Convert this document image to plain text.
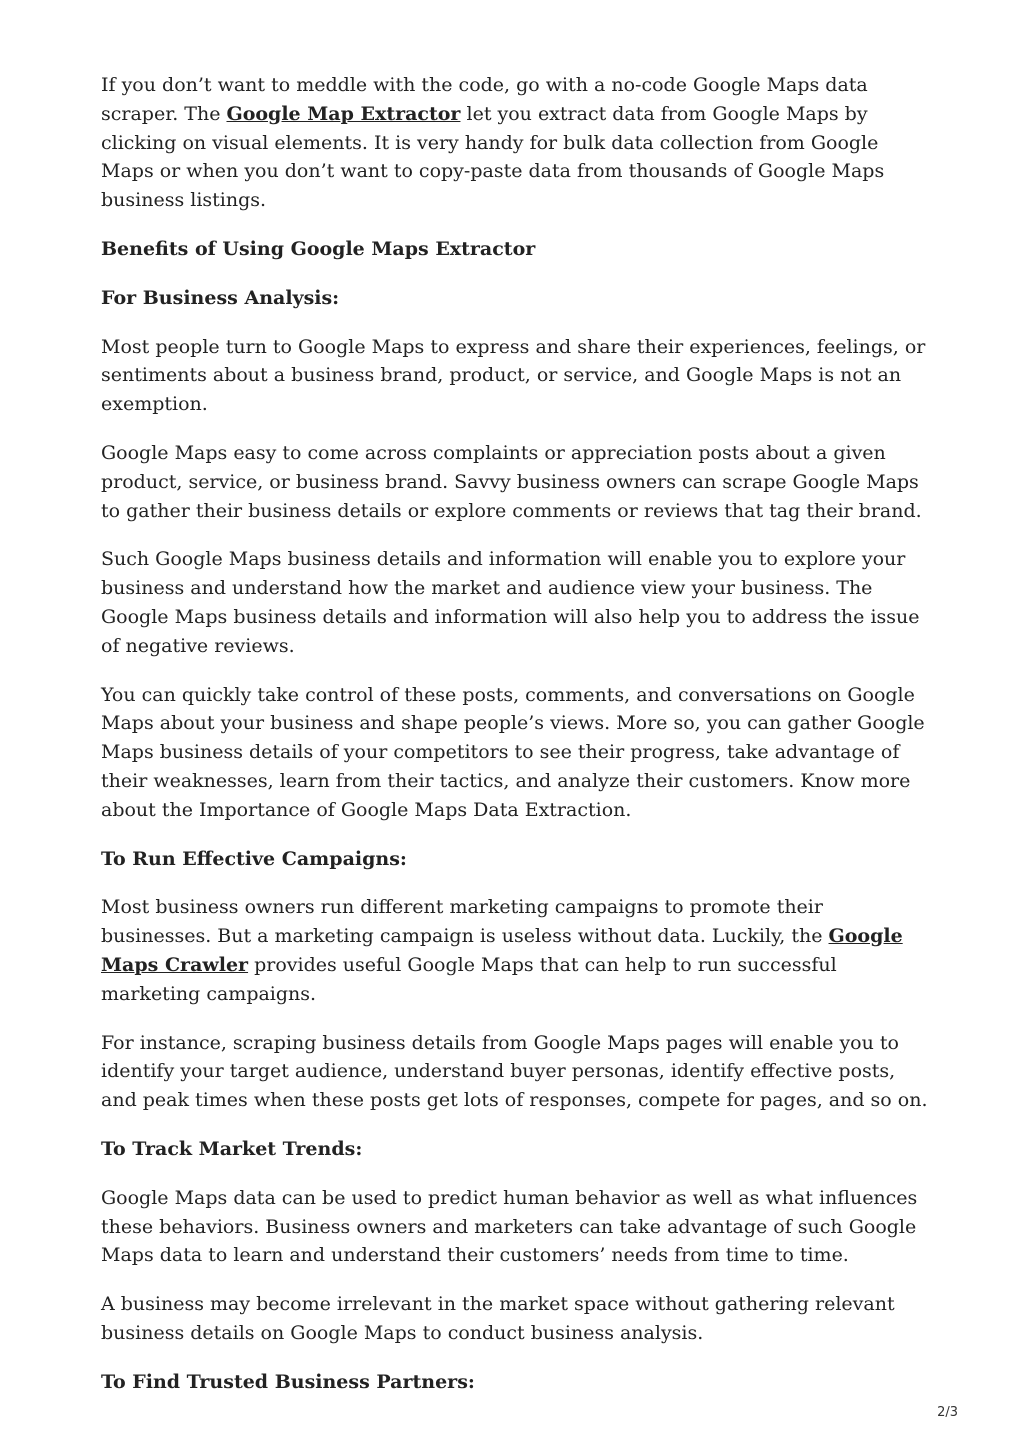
If you don’t want to meddle with the code, go with a no-code Google Maps data scraper. The Google Map Extractor let you extract data from Google Maps by clicking on visual elements. It is very handy for bulk data collection from Google Maps or when you don’t want to copy-paste data from thousands of Google Maps business listings.

Benefits of Using Google Maps Extractor

For Business Analysis:

Most people turn to Google Maps to express and share their experiences, feelings, or sentiments about a business brand, product, or service, and Google Maps is not an exemption.

Google Maps easy to come across complaints or appreciation posts about a given product, service, or business brand. Savvy business owners can scrape Google Maps to gather their business details or explore comments or reviews that tag their brand.

Such Google Maps business details and information will enable you to explore your business and understand how the market and audience view your business. The Google Maps business details and information will also help you to address the issue of negative reviews.

You can quickly take control of these posts, comments, and conversations on Google Maps about your business and shape people’s views. More so, you can gather Google Maps business details of your competitors to see their progress, take advantage of their weaknesses, learn from their tactics, and analyze their customers. Know more about the Importance of Google Maps Data Extraction.

To Run Effective Campaigns:

Most business owners run different marketing campaigns to promote their businesses. But a marketing campaign is useless without data. Luckily, the Google Maps Crawler provides useful Google Maps that can help to run successful marketing campaigns.

For instance, scraping business details from Google Maps pages will enable you to identify your target audience, understand buyer personas, identify effective posts, and peak times when these posts get lots of responses, compete for pages, and so on.

To Track Market Trends:

Google Maps data can be used to predict human behavior as well as what influences these behaviors. Business owners and marketers can take advantage of such Google Maps data to learn and understand their customers’ needs from time to time.

A business may become irrelevant in the market space without gathering relevant business details on Google Maps to conduct business analysis.

To Find Trusted Business Partners:

2/3
